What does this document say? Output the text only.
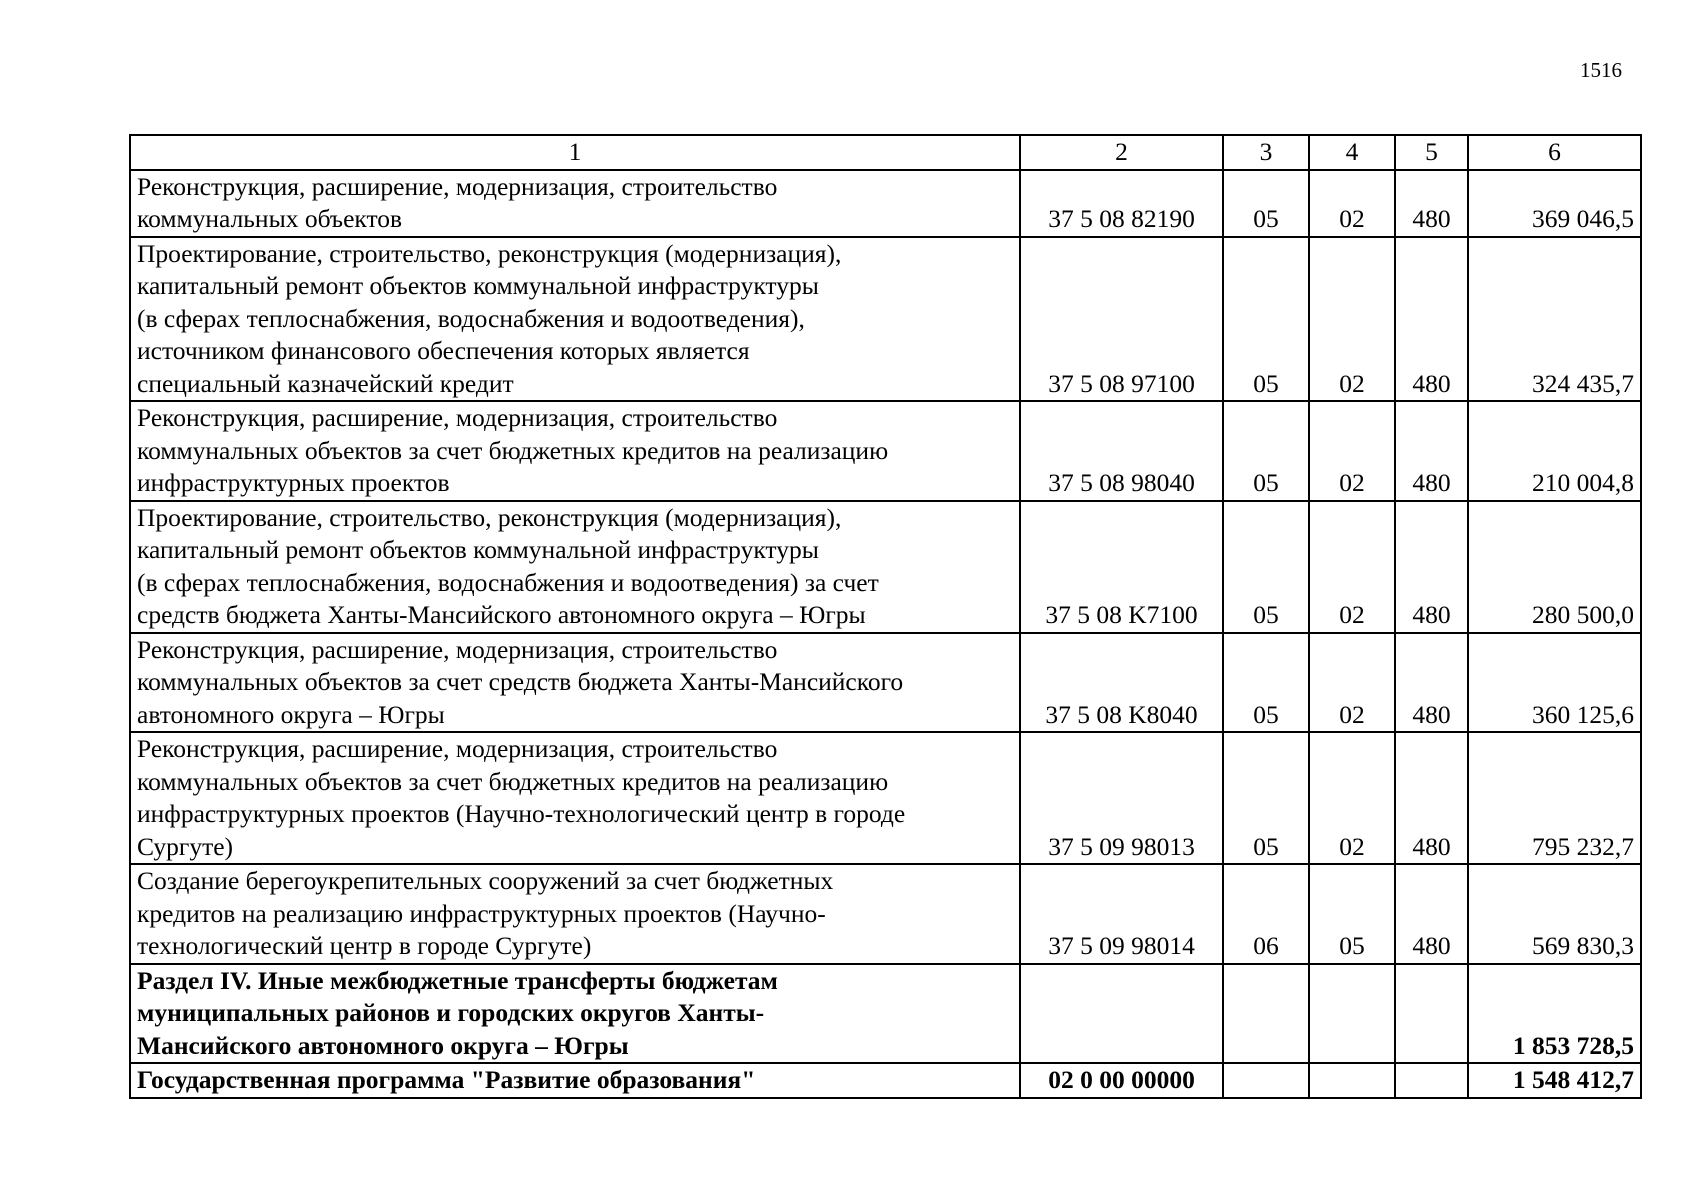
1516
1	2	3	4	5	6

Реконструкция, расширение, модернизация, строительство
коммунальных объектов	37 5 08 82190	05	02	480	369 046,5

Проектирование, строительство, реконструкция (модернизация),
капитальный ремонт объектов коммунальной инфраструктуры
(в сферах теплоснабжения, водоснабжения и водоотведения),
источником финансового обеспечения которых является
специальный казначейский кредит	37 5 08 97100	05	02	480	324 435,7

Реконструкция, расширение, модернизация, строительство
коммунальных объектов за счет бюджетных кредитов на реализацию
инфраструктурных проектов	37 5 08 98040	05	02	480	210 004,8

Проектирование, строительство, реконструкция (модернизация),
капитальный ремонт объектов коммунальной инфраструктуры
(в сферах теплоснабжения, водоснабжения и водоотведения) за счет
средств бюджета Ханты-Мансийского автономного округа – Югры	37 5 08 K7100	05	02	480	280 500,0

Реконструкция, расширение, модернизация, строительство
коммунальных объектов за счет средств бюджета Ханты-Мансийского
автономного округа – Югры	37 5 08 K8040	05	02	480	360 125,6

Реконструкция, расширение, модернизация, строительство
коммунальных объектов за счет бюджетных кредитов на реализацию
инфраструктурных проектов (Научно-технологический центр в городе
Сургуте)	37 5 09 98013	05	02	480	795 232,7

Создание берегоукрепительных сооружений за счет бюджетных
кредитов на реализацию инфраструктурных проектов (Научно-
технологический центр в городе Сургуте)	37 5 09 98014	06	05	480	569 830,3

Раздел IV. Иные межбюджетные трансферты бюджетам
муниципальных районов и городских округов Ханты-
Мансийского автономного округа – Югры					1 853 728,5

Государственная программа "Развитие образования"	02 0 00 00000				1 548 412,7
